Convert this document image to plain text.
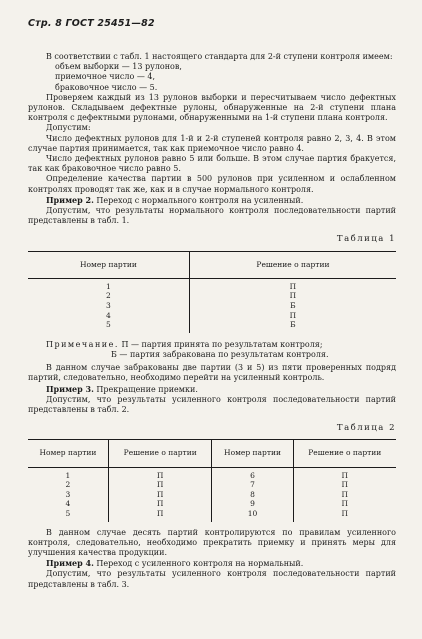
Стр. 8 ГОСТ 25451—82

В соответствии с табл. 1 настоящего стандарта для 2-й ступени контроля имеем:

объем выборки — 13 рулонов,
приемочное число — 4,
браковочное число — 5.

Проверяем каждый из 13 рулонов выборки и пересчитываем число дефектных рулонов. Складываем дефектные рулоны, обнаруженные на 2-й ступени плана контроля с дефектными рулонами, обнаруженными на 1-й ступени плана контроля.

Допустим:

Число дефектных рулонов для 1-й и 2-й ступеней контроля равно 2, 3, 4. В этом случае партия принимается, так как приемочное число равно 4.

Число дефектных рулонов равно 5 или больше. В этом случае партия бракуется, так как браковочное число равно 5.

Определение качества партии в 500 рулонов при усиленном и ослабленном контролях проводят так же, как и в случае нормального контроля.

Пример 2. Переход с нормального контроля на усиленный.

Допустим, что результаты нормального контроля последовательности партий представлены в табл. 1.

Таблица 1
Номер партии	Решение о партии

1	П
2	П
3	Б
4	П
5	Б

Примечание. П — партия принята по результатам контроля;
Б — партия забракована по результатам контроля.

В данном случае забракованы две партии (3 и 5) из пяти проверенных подряд партий, следовательно, необходимо перейти на усиленный контроль.

Пример 3. Прекращение приемки.

Допустим, что результаты усиленного контроля последовательности партий представлены в табл. 2.

Таблица 2
Номер партии	Решение о партии	Номер партии	Решение о партии

1	П	6	П
2	П	7	П
3	П	8	П
4	П	9	П
5	П	10	П

В данном случае десять партий контролируются по правилам усиленного контроля, следовательно, необходимо прекратить приемку и принять меры для улучшения качества продукции.

Пример 4. Переход с усиленного контроля на нормальный.

Допустим, что результаты усиленного контроля последовательности партий представлены в табл. 3.
